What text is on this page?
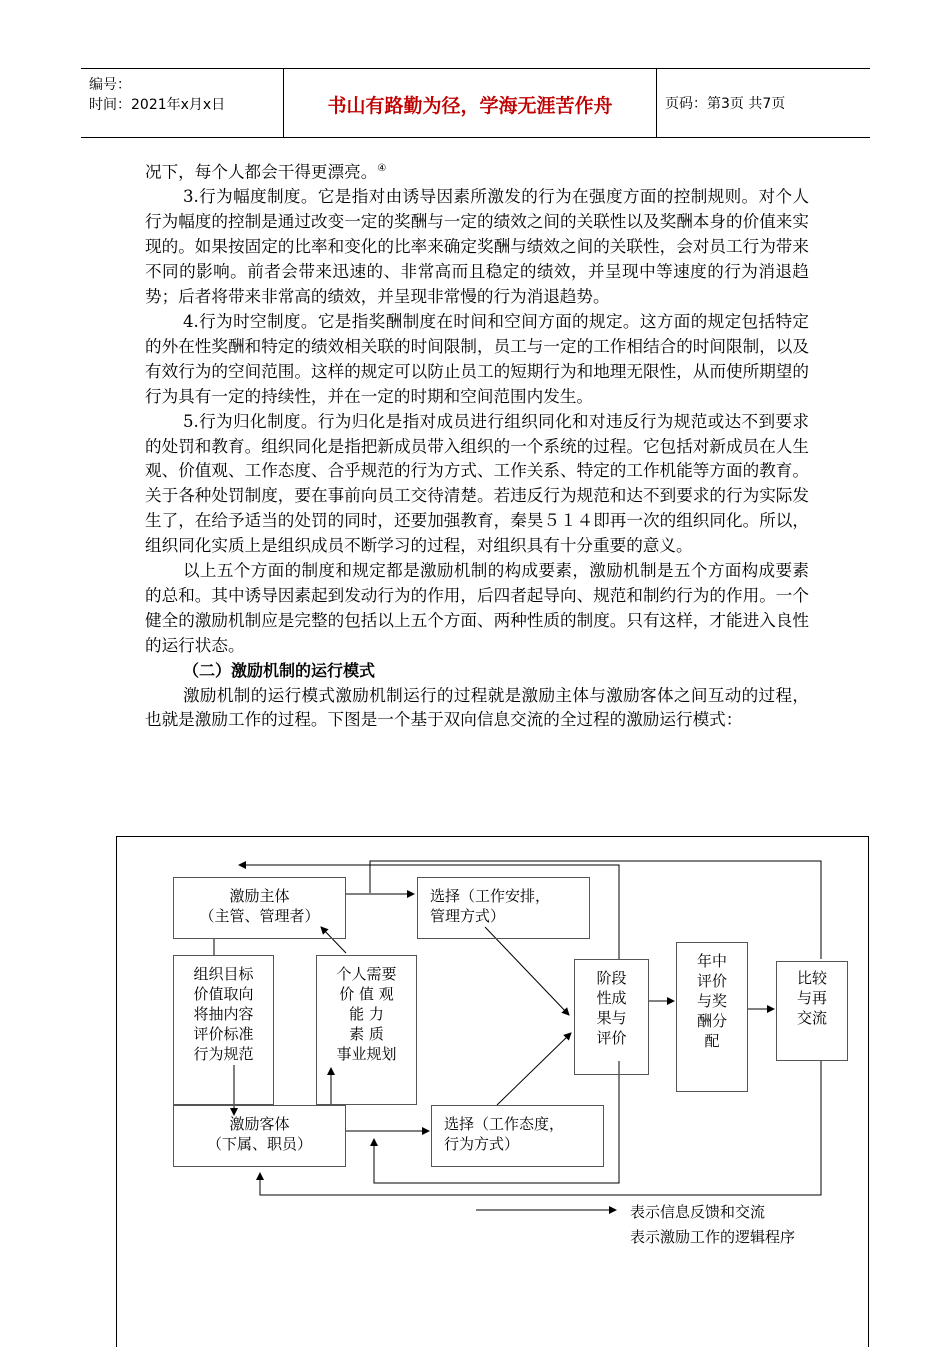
编号：
时间：2021年x月x日	书山有路勤为径，学海无涯苦作舟	页码：第3页 共7页

况下，每个人都会干得更漂亮。④

3.行为幅度制度。它是指对由诱导因素所激发的行为在强度方面的控制规则。对个人行为幅度的控制是通过改变一定的奖酬与一定的绩效之间的关联性以及奖酬本身的价值来实现的。如果按固定的比率和变化的比率来确定奖酬与绩效之间的关联性，会对员工行为带来不同的影响。前者会带来迅速的、非常高而且稳定的绩效，并呈现中等速度的行为消退趋势；后者将带来非常高的绩效，并呈现非常慢的行为消退趋势。

4.行为时空制度。它是指奖酬制度在时间和空间方面的规定。这方面的规定包括特定的外在性奖酬和特定的绩效相关联的时间限制，员工与一定的工作相结合的时间限制，以及有效行为的空间范围。这样的规定可以防止员工的短期行为和地理无限性，从而使所期望的行为具有一定的持续性，并在一定的时期和空间范围内发生。

5.行为归化制度。行为归化是指对成员进行组织同化和对违反行为规范或达不到要求的处罚和教育。组织同化是指把新成员带入组织的一个系统的过程。它包括对新成员在人生观、价值观、工作态度、合乎规范的行为方式、工作关系、特定的工作机能等方面的教育。关于各种处罚制度，要在事前向员工交待清楚。若违反行为规范和达不到要求的行为实际发生了，在给予适当的处罚的同时，还要加强教育，秦昊５１４即再一次的组织同化。所以，组织同化实质上是组织成员不断学习的过程，对组织具有十分重要的意义。

以上五个方面的制度和规定都是激励机制的构成要素，激励机制是五个方面构成要素的总和。其中诱导因素起到发动行为的作用，后四者起导向、规范和制约行为的作用。一个健全的激励机制应是完整的包括以上五个方面、两种性质的制度。只有这样，才能进入良性的运行状态。

（二）激励机制的运行模式

激励机制的运行模式激励机制运行的过程就是激励主体与激励客体之间互动的过程，也就是激励工作的过程。下图是一个基于双向信息交流的全过程的激励运行模式：

激励主体
（主管、管理者）
选择（工作安排，
管理方式）
组织目标
价值取向
将抽内容
评价标准
行为规范
个人需要
价 值 观
能 力
素 质
事业规划
阶段
性成
果与
评价
年中
评价
与奖
酬分
配
比较
与再
交流
激励客体
（下属、职员）
选择（工作态度，
行为方式）
表示信息反馈和交流
表示激励工作的逻辑程序
